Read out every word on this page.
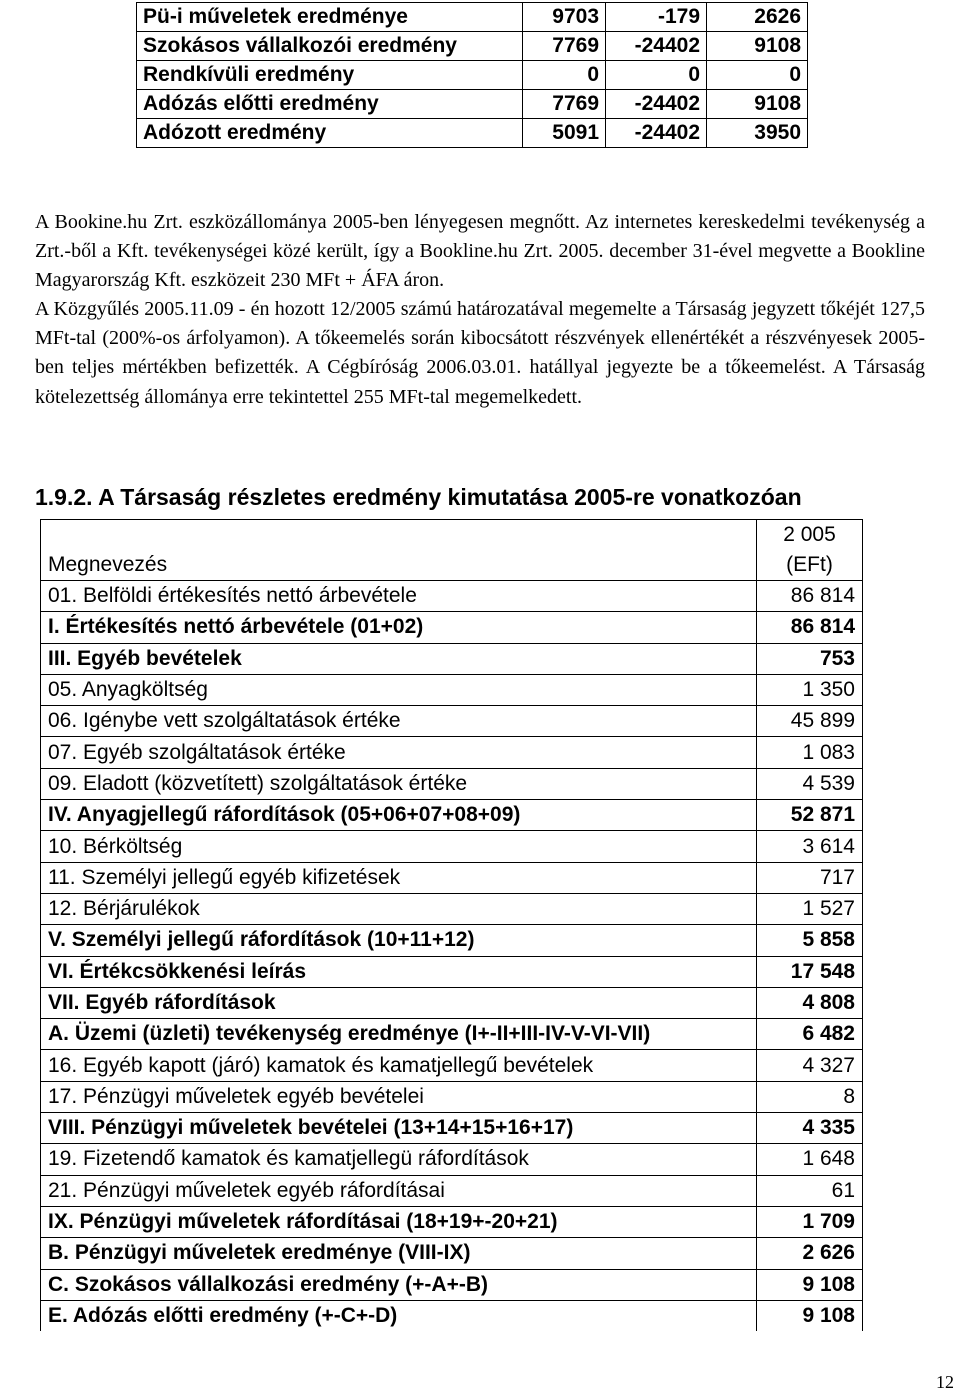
Pü-i műveletek eredménye	9703	-179	2626
Szokásos vállalkozói eredmény	7769	-24402	9108
Rendkívüli eredmény	0	0	0
Adózás előtti eredmény	7769	-24402	9108
Adózott eredmény	5091	-24402	3950
A Bookine.hu Zrt. eszközállománya 2005-ben lényegesen megnőtt. Az internetes kereskedelmi tevékenység a Zrt.-ből a Kft. tevékenységei közé került, így a Bookline.hu Zrt. 2005. december 31-ével megvette a Bookline Magyarország Kft. eszközeit 230 MFt + ÁFA áron.
A Közgyűlés 2005.11.09 - én hozott 12/2005 számú határozatával megemelte a Társaság jegyzett tőkéjét 127,5 MFt-tal (200%-os árfolyamon). A tőkeemelés során kibocsátott részvények ellenértékét a részvényesek 2005-ben teljes mértékben befizették. A Cégbíróság 2006.03.01. hatállyal jegyezte be a tőkeemelést. A Társaság kötelezettség állománya erre tekintettel 255 MFt-tal megemelkedett.
1.9.2. A Társaság részletes eredmény kimutatása 2005-re vonatkozóan
Megnevezés	2 005
(EFt)

01. Belföldi értékesítés nettó árbevétele	86 814
I. Értékesítés nettó árbevétele (01+02)	86 814
III. Egyéb bevételek	753
05. Anyagköltség	1 350
06. Igénybe vett szolgáltatások értéke	45 899
07. Egyéb szolgáltatások értéke	1 083
09. Eladott (közvetített) szolgáltatások értéke	4 539
IV. Anyagjellegű ráfordítások (05+06+07+08+09)	52 871
10. Bérköltség	3 614
11. Személyi jellegű egyéb kifizetések	717
12. Bérjárulékok	1 527
V. Személyi jellegű ráfordítások (10+11+12)	5 858
VI. Értékcsökkenési leírás	17 548
VII. Egyéb ráfordítások	4 808
A. Üzemi (üzleti) tevékenység eredménye (I+-II+III-IV-V-VI-VII)	6 482
16. Egyéb kapott (járó) kamatok és kamatjellegű bevételek	4 327
17. Pénzügyi műveletek egyéb bevételei	8
VIII. Pénzügyi műveletek bevételei (13+14+15+16+17)	4 335
19. Fizetendő kamatok és kamatjellegü ráfordítások	1 648
21. Pénzügyi műveletek egyéb ráfordításai	61
IX. Pénzügyi műveletek ráfordításai (18+19+-20+21)	1 709
B. Pénzügyi műveletek eredménye (VIII-IX)	2 626
C. Szokásos vállalkozási eredmény (+-A+-B)	9 108
E. Adózás előtti eredmény (+-C+-D)	9 108
12
